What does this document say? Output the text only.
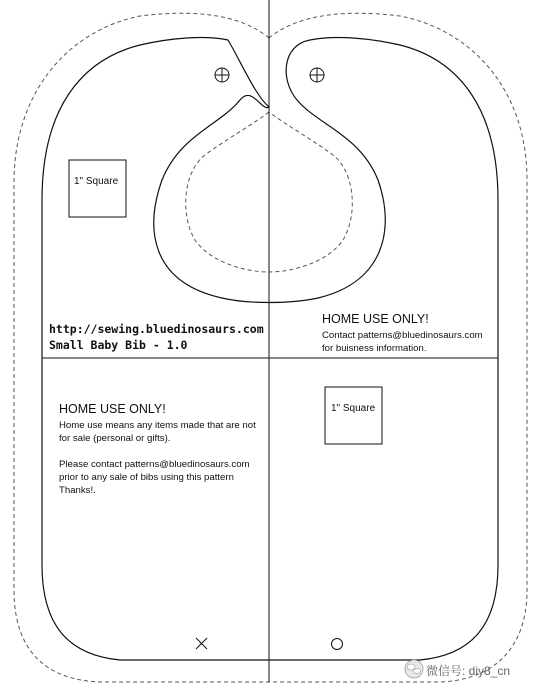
http://sewing.bluedinosaurs.com
Small Baby Bib - 1.0
HOME USE ONLY!
Contact patterns@bluedinosaurs.com
for buisness information.
HOME USE ONLY!
Home use means any items made that are not
for sale (personal or gifts).
Please contact patterns@bluedinosaurs.com
prior to any sale of bibs using this pattern
Thanks!.
1" Square
1" Square
微信号: diy8_cn
